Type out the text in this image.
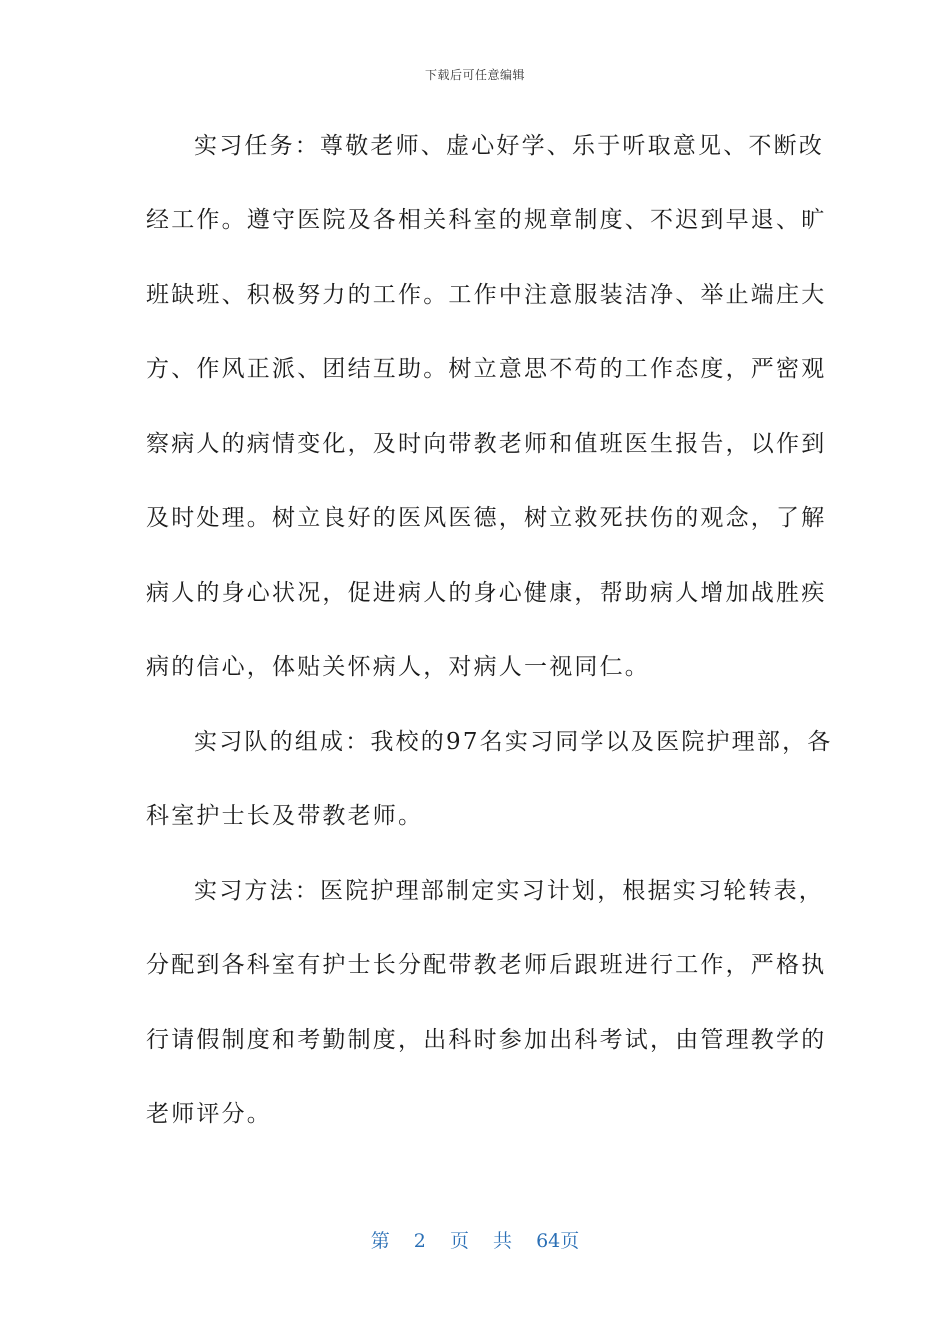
下载后可任意编辑
实习任务：尊敬老师、虚心好学、乐于听取意见、不断改
经工作。遵守医院及各相关科室的规章制度、不迟到早退、旷
班缺班、积极努力的工作。工作中注意服装洁净、举止端庄大
方、作风正派、团结互助。树立意思不苟的工作态度，严密观
察病人的病情变化，及时向带教老师和值班医生报告，以作到
及时处理。树立良好的医风医德，树立救死扶伤的观念，了解
病人的身心状况，促进病人的身心健康，帮助病人增加战胜疾
病的信心，体贴关怀病人，对病人一视同仁。
实习队的组成：我校的97名实习同学以及医院护理部，各
科室护士长及带教老师。
实习方法：医院护理部制定实习计划，根据实习轮转表，
分配到各科室有护士长分配带教老师后跟班进行工作，严格执
行请假制度和考勤制度，出科时参加出科考试，由管理教学的
老师评分。
第 2 页 共 64页
